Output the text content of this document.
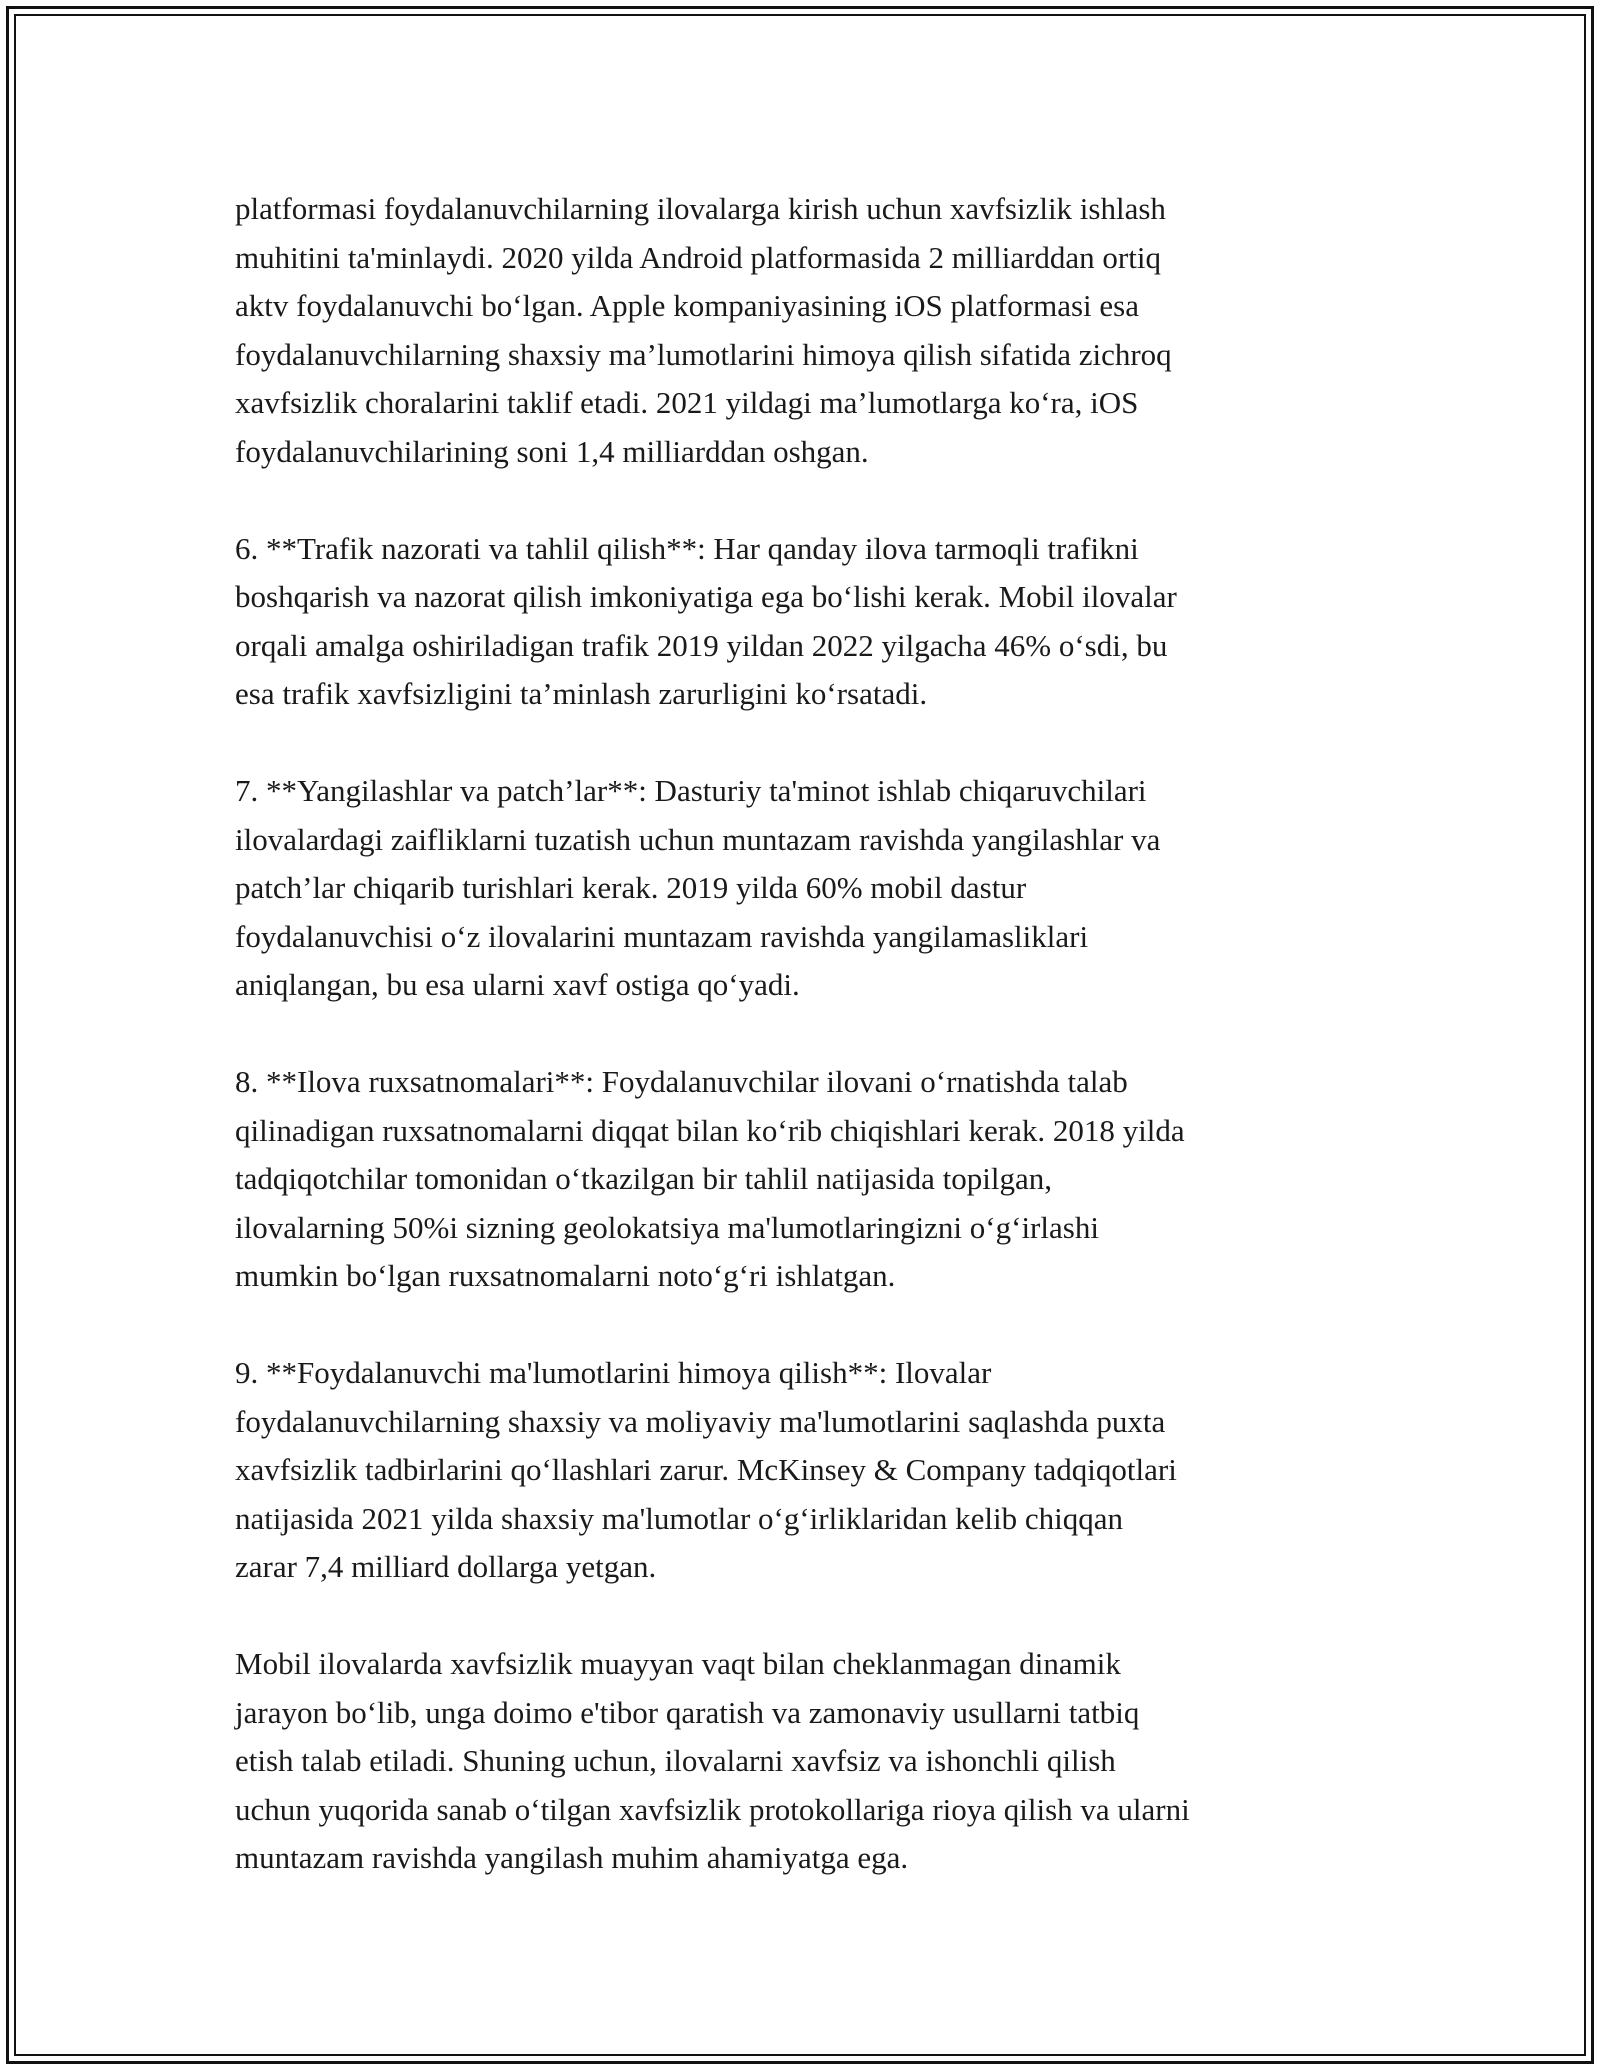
platformasi foydalanuvchilarning ilovalarga kirish uchun xavfsizlik ishlash
muhitini ta'minlaydi. 2020 yilda Android platformasida 2 milliarddan ortiq
aktv foydalanuvchi bo‘lgan. Apple kompaniyasining iOS platformasi esa
foydalanuvchilarning shaxsiy ma’lumotlarini himoya qilish sifatida zichroq
xavfsizlik choralarini taklif etadi. 2021 yildagi ma’lumotlarga ko‘ra, iOS
foydalanuvchilarining soni 1,4 milliarddan oshgan.

6. **Trafik nazorati va tahlil qilish**: Har qanday ilova tarmoqli trafikni
boshqarish va nazorat qilish imkoniyatiga ega bo‘lishi kerak. Mobil ilovalar
orqali amalga oshiriladigan trafik 2019 yildan 2022 yilgacha 46% o‘sdi, bu
esa trafik xavfsizligini ta’minlash zarurligini ko‘rsatadi.

7. **Yangilashlar va patch’lar**: Dasturiy ta'minot ishlab chiqaruvchilari
ilovalardagi zaifliklarni tuzatish uchun muntazam ravishda yangilashlar va
patch’lar chiqarib turishlari kerak. 2019 yilda 60% mobil dastur
foydalanuvchisi o‘z ilovalarini muntazam ravishda yangilamasliklari
aniqlangan, bu esa ularni xavf ostiga qo‘yadi.

8. **Ilova ruxsatnomalari**: Foydalanuvchilar ilovani o‘rnatishda talab
qilinadigan ruxsatnomalarni diqqat bilan ko‘rib chiqishlari kerak. 2018 yilda
tadqiqotchilar tomonidan o‘tkazilgan bir tahlil natijasida topilgan,
ilovalarning 50%i sizning geolokatsiya ma'lumotlaringizni o‘g‘irlashi
mumkin bo‘lgan ruxsatnomalarni noto‘g‘ri ishlatgan.

9. **Foydalanuvchi ma'lumotlarini himoya qilish**: Ilovalar
foydalanuvchilarning shaxsiy va moliyaviy ma'lumotlarini saqlashda puxta
xavfsizlik tadbirlarini qo‘llashlari zarur. McKinsey & Company tadqiqotlari
natijasida 2021 yilda shaxsiy ma'lumotlar o‘g‘irliklaridan kelib chiqqan
zarar 7,4 milliard dollarga yetgan.

Mobil ilovalarda xavfsizlik muayyan vaqt bilan cheklanmagan dinamik
jarayon bo‘lib, unga doimo e'tibor qaratish va zamonaviy usullarni tatbiq
etish talab etiladi. Shuning uchun, ilovalarni xavfsiz va ishonchli qilish
uchun yuqorida sanab o‘tilgan xavfsizlik protokollariga rioya qilish va ularni
muntazam ravishda yangilash muhim ahamiyatga ega.
